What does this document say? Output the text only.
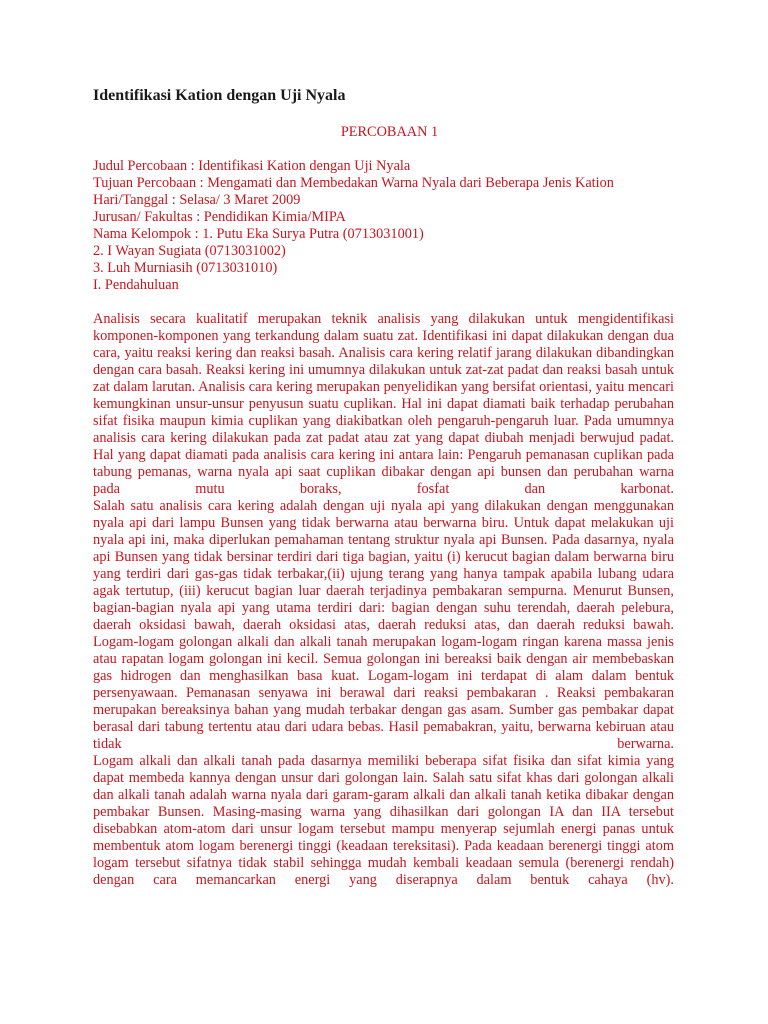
Identifikasi Kation dengan Uji Nyala

PERCOBAAN 1

Judul Percobaan : Identifikasi Kation dengan Uji Nyala

Tujuan Percobaan : Mengamati dan Membedakan Warna Nyala dari Beberapa Jenis Kation

Hari/Tanggal : Selasa/ 3 Maret 2009

Jurusan/ Fakultas : Pendidikan Kimia/MIPA

Nama Kelompok : 1. Putu Eka Surya Putra (0713031001)

2. I Wayan Sugiata (0713031002)

3. Luh Murniasih (0713031010)

I. Pendahuluan

Analisis secara kualitatif merupakan teknik analisis yang dilakukan untuk mengidentifikasi komponen-komponen yang terkandung dalam suatu zat. Identifikasi ini dapat dilakukan dengan dua cara, yaitu reaksi kering dan reaksi basah. Analisis cara kering relatif jarang dilakukan dibandingkan dengan cara basah. Reaksi kering ini umumnya dilakukan untuk zat-zat padat dan reaksi basah untuk zat dalam larutan. Analisis cara kering merupakan penyelidikan yang bersifat orientasi, yaitu mencari kemungkinan unsur-unsur penyusun suatu cuplikan. Hal ini dapat diamati baik terhadap perubahan sifat fisika maupun kimia cuplikan yang diakibatkan oleh pengaruh-pengaruh luar. Pada umumnya analisis cara kering dilakukan pada zat padat atau zat yang dapat diubah menjadi berwujud padat. Hal yang dapat diamati pada analisis cara kering ini antara lain: Pengaruh pemanasan cuplikan pada tabung pemanas, warna nyala api saat cuplikan dibakar dengan api bunsen dan perubahan warna pada mutu boraks, fosfat dan karbonat.

Salah satu analisis cara kering adalah dengan uji nyala api yang dilakukan dengan menggunakan nyala api dari lampu Bunsen yang tidak berwarna atau berwarna biru. Untuk dapat melakukan uji nyala api ini, maka diperlukan pemahaman tentang struktur nyala api Bunsen. Pada dasarnya, nyala api Bunsen yang tidak bersinar terdiri dari tiga bagian, yaitu (i) kerucut bagian dalam berwarna biru yang terdiri dari gas-gas tidak terbakar,(ii) ujung terang yang hanya tampak apabila lubang udara agak tertutup, (iii) kerucut bagian luar daerah terjadinya pembakaran sempurna. Menurut Bunsen, bagian-bagian nyala api yang utama terdiri dari: bagian dengan suhu terendah, daerah pelebura, daerah oksidasi bawah, daerah oksidasi atas, daerah reduksi atas, dan daerah reduksi bawah.

Logam-logam golongan alkali dan alkali tanah merupakan logam-logam ringan karena massa jenis atau rapatan logam golongan ini kecil. Semua golongan ini bereaksi baik dengan air membebaskan gas hidrogen dan menghasilkan basa kuat. Logam-logam ini terdapat di alam dalam bentuk persenyawaan. Pemanasan senyawa ini berawal dari reaksi pembakaran . Reaksi pembakaran merupakan bereaksinya bahan yang mudah terbakar dengan gas asam. Sumber gas pembakar dapat berasal dari tabung tertentu atau dari udara bebas. Hasil pemabakran, yaitu, berwarna kebiruan atau tidak berwarna.

Logam alkali dan alkali tanah pada dasarnya memiliki beberapa sifat fisika dan sifat kimia yang dapat membeda kannya dengan unsur dari golongan lain. Salah satu sifat khas dari golongan alkali dan alkali tanah adalah warna nyala dari garam-garam alkali dan alkali tanah ketika dibakar dengan pembakar Bunsen. Masing-masing warna yang dihasilkan dari golongan IA dan IIA tersebut disebabkan atom-atom dari unsur logam tersebut mampu menyerap sejumlah energi panas untuk membentuk atom logam berenergi tinggi (keadaan tereksitasi). Pada keadaan berenergi tinggi atom logam tersebut sifatnya tidak stabil sehingga mudah kembali keadaan semula (berenergi rendah) dengan cara memancarkan energi yang diserapnya dalam bentuk cahaya (hv).
